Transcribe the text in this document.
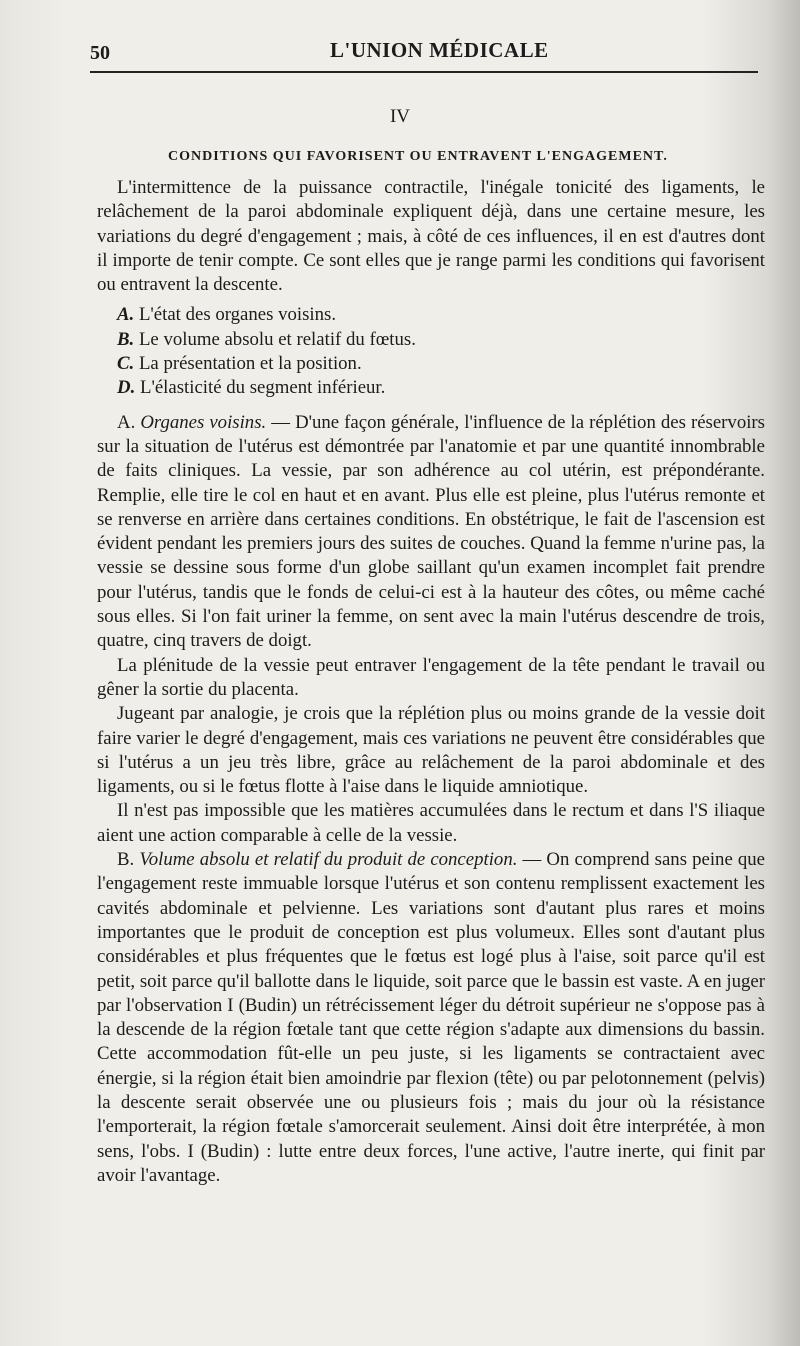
50	L'UNION MÉDICALE
IV
CONDITIONS QUI FAVORISENT OU ENTRAVENT L'ENGAGEMENT.

L'intermittence de la puissance contractile, l'inégale tonicité des ligaments, le relâchement de la paroi abdominale expliquent déjà, dans une certaine mesure, les variations du degré d'engagement ; mais, à côté de ces influences, il en est d'autres dont il importe de tenir compte. Ce sont elles que je range parmi les conditions qui favorisent ou entravent la descente.

A. L'état des organes voisins.
B. Le volume absolu et relatif du fœtus.
C. La présentation et la position.
D. L'élasticité du segment inférieur.

A. Organes voisins. — D'une façon générale, l'influence de la réplétion des réservoirs sur la situation de l'utérus est démontrée par l'anatomie et par une quantité innombrable de faits cliniques. La vessie, par son adhérence au col utérin, est prépondérante. Remplie, elle tire le col en haut et en avant. Plus elle est pleine, plus l'utérus remonte et se renverse en arrière dans certaines conditions. En obstétrique, le fait de l'ascension est évident pendant les premiers jours des suites de couches. Quand la femme n'urine pas, la vessie se dessine sous forme d'un globe saillant qu'un examen incomplet fait prendre pour l'utérus, tandis que le fonds de celui-ci est à la hauteur des côtes, ou même caché sous elles. Si l'on fait uriner la femme, on sent avec la main l'utérus descendre de trois, quatre, cinq travers de doigt.

La plénitude de la vessie peut entraver l'engagement de la tête pendant le travail ou gêner la sortie du placenta.

Jugeant par analogie, je crois que la réplétion plus ou moins grande de la vessie doit faire varier le degré d'engagement, mais ces variations ne peuvent être considérables que si l'utérus a un jeu très libre, grâce au relâchement de la paroi abdominale et des ligaments, ou si le fœtus flotte à l'aise dans le liquide amniotique.

Il n'est pas impossible que les matières accumulées dans le rectum et dans l'S iliaque aient une action comparable à celle de la vessie.

B. Volume absolu et relatif du produit de conception. — On comprend sans peine que l'engagement reste immuable lorsque l'utérus et son contenu remplissent exactement les cavités abdominale et pelvienne. Les variations sont d'autant plus rares et moins importantes que le produit de conception est plus volumeux. Elles sont d'autant plus considérables et plus fréquentes que le fœtus est logé plus à l'aise, soit parce qu'il est petit, soit parce qu'il ballotte dans le liquide, soit parce que le bassin est vaste. A en juger par l'observation I (Budin) un rétrécissement léger du détroit supérieur ne s'oppose pas à la descende de la région fœtale tant que cette région s'adapte aux dimensions du bassin. Cette accommodation fût-elle un peu juste, si les ligaments se contractaient avec énergie, si la région était bien amoindrie par flexion (tête) ou par pelotonnement (pelvis) la descente serait observée une ou plusieurs fois ; mais du jour où la résistance l'emporterait, la région fœtale s'amorcerait seulement. Ainsi doit être interprétée, à mon sens, l'obs. I (Budin) : lutte entre deux forces, l'une active, l'autre inerte, qui finit par avoir l'avantage.
